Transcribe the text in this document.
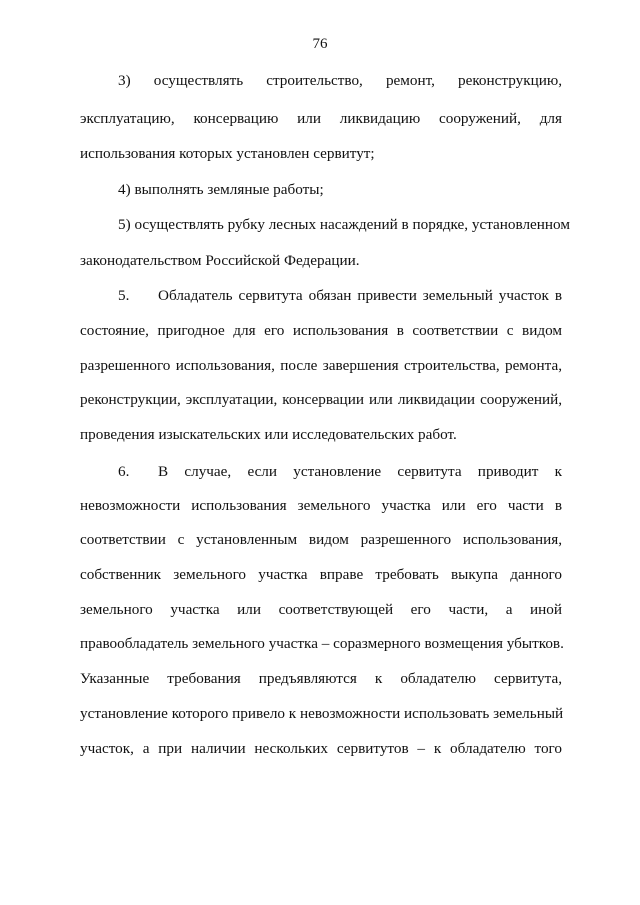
76
3) осуществлять строительство, ремонт, реконструкцию,
эксплуатацию, консервацию или ликвидацию сооружений, для
использования которых установлен сервитут;
4) выполнять земляные работы;
5) осуществлять рубку лесных насаждений в порядке, установленном
законодательством Российской Федерации.
5. Обладатель сервитута обязан привести земельный участок в
состояние, пригодное для его использования в соответствии с видом
разрешенного использования, после завершения строительства, ремонта,
реконструкции, эксплуатации, консервации или ликвидации сооружений,
проведения изыскательских или исследовательских работ.
6. В случае, если установление сервитута приводит к
невозможности использования земельного участка или его части в
соответствии с установленным видом разрешенного использования,
собственник земельного участка вправе требовать выкупа данного
земельного участка или соответствующей его части, а иной
правообладатель земельного участка – соразмерного возмещения убытков.
Указанные требования предъявляются к обладателю сервитута,
установление которого привело к невозможности использовать земельный
участок, а при наличии нескольких сервитутов – к обладателю того
